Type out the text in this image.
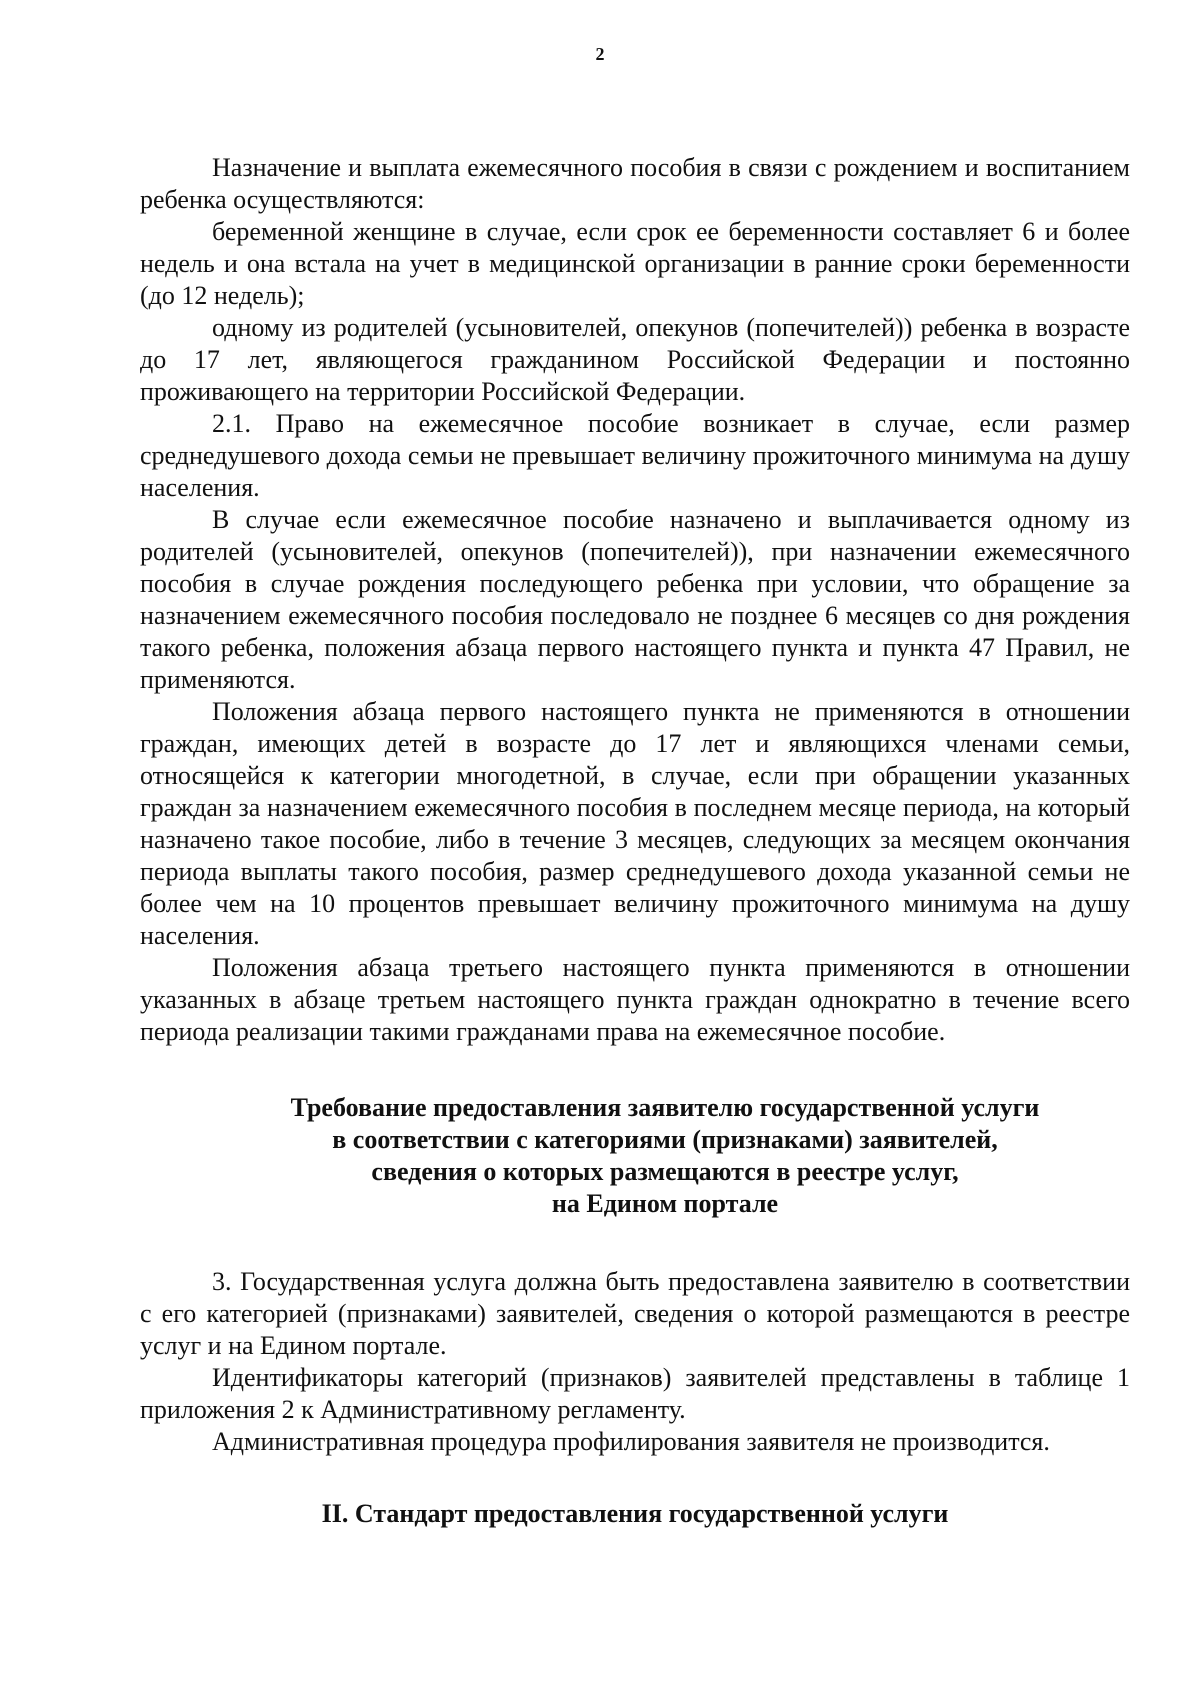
2

Назначение и выплата ежемесячного пособия в связи с рождением и воспитанием ребенка осуществляются:

беременной женщине в случае, если срок ее беременности составляет 6 и более недель и она встала на учет в медицинской организации в ранние сроки беременности (до 12 недель);

одному из родителей (усыновителей, опекунов (попечителей)) ребенка в возрасте до 17 лет, являющегося гражданином Российской Федерации и постоянно проживающего на территории Российской Федерации.

2.1. Право на ежемесячное пособие возникает в случае, если размер среднедушевого дохода семьи не превышает величину прожиточного минимума на душу населения.

В случае если ежемесячное пособие назначено и выплачивается одному из родителей (усыновителей, опекунов (попечителей)), при назначении ежемесячного пособия в случае рождения последующего ребенка при условии, что обращение за назначением ежемесячного пособия последовало не позднее 6 месяцев со дня рождения такого ребенка, положения абзаца первого настоящего пункта и пункта 47 Правил, не применяются.

Положения абзаца первого настоящего пункта не применяются в отношении граждан, имеющих детей в возрасте до 17 лет и являющихся членами семьи, относящейся к категории многодетной, в случае, если при обращении указанных граждан за назначением ежемесячного пособия в последнем месяце периода, на который назначено такое пособие, либо в течение 3 месяцев, следующих за месяцем окончания периода выплаты такого пособия, размер среднедушевого дохода указанной семьи не более чем на 10 процентов превышает величину прожиточного минимума на душу населения.

Положения абзаца третьего настоящего пункта применяются в отношении указанных в абзаце третьем настоящего пункта граждан однократно в течение всего периода реализации такими гражданами права на ежемесячное пособие.

Требование предоставления заявителю государственной услуги

в соответствии с категориями (признаками) заявителей,

сведения о которых размещаются в реестре услуг,

на Едином портале

3. Государственная услуга должна быть предоставлена заявителю в соответствии с его категорией (признаками) заявителей, сведения о которой размещаются в реестре услуг и на Едином портале.

Идентификаторы категорий (признаков) заявителей представлены в таблице 1 приложения 2 к Административному регламенту.

Административная процедура профилирования заявителя не производится.

II. Стандарт предоставления государственной услуги
